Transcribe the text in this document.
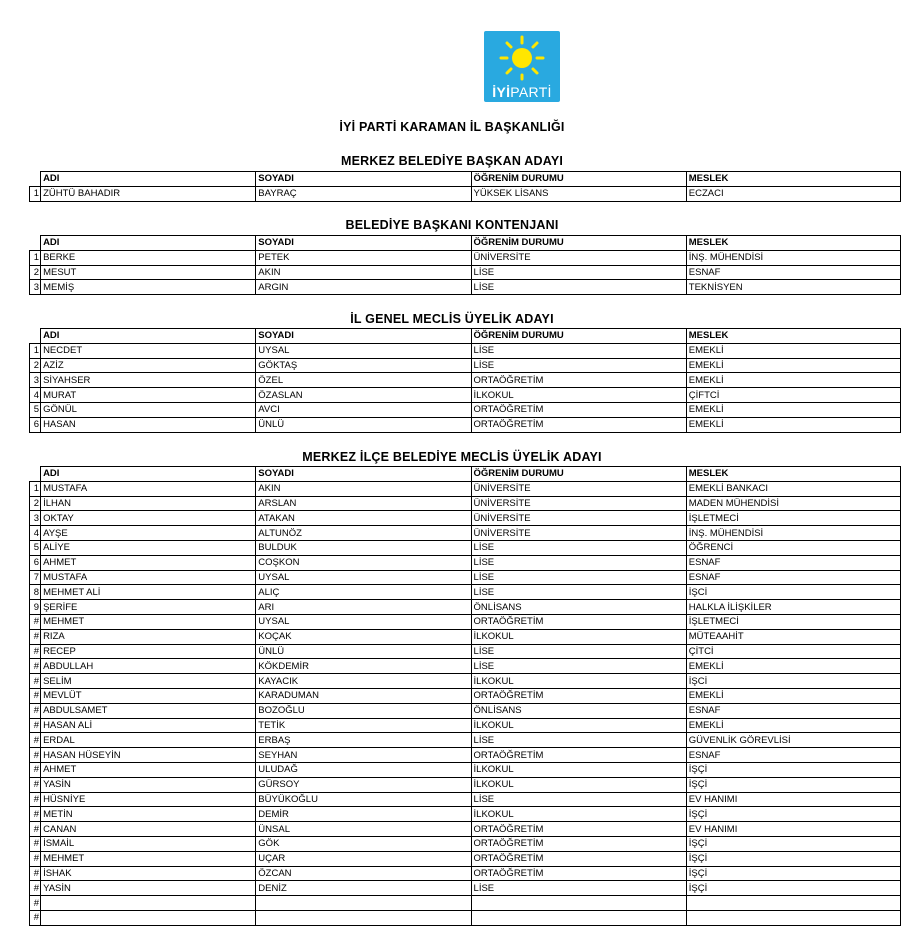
İYİPARTİ
İYİ PARTİ KARAMAN İL BAŞKANLIĞI
MERKEZ BELEDİYE BAŞKAN ADAYI
	ADI	SOYADI	ÖĞRENİM DURUMU	MESLEK
1	ZÜHTÜ BAHADIR	BAYRAÇ	YÜKSEK LİSANS	ECZACI
BELEDİYE BAŞKANI KONTENJANI
	ADI	SOYADI	ÖĞRENİM DURUMU	MESLEK
1	BERKE	PETEK	ÜNİVERSİTE	İNŞ. MÜHENDİSİ
2	MESUT	AKIN	LİSE	ESNAF
3	MEMİŞ	ARGIN	LİSE	TEKNİSYEN
İL GENEL MECLİS ÜYELİK ADAYI
	ADI	SOYADI	ÖĞRENİM DURUMU	MESLEK
1	NECDET	UYSAL	LİSE	EMEKLİ
2	AZİZ	GÖKTAŞ	LİSE	EMEKLİ
3	SİYAHSER	ÖZEL	ORTAÖĞRETİM	EMEKLİ
4	MURAT	ÖZASLAN	İLKOKUL	ÇİFTCİ
5	GÖNÜL	AVCI	ORTAÖĞRETİM	EMEKLİ
6	HASAN	ÜNLÜ	ORTAÖĞRETİM	EMEKLİ
MERKEZ İLÇE BELEDİYE MECLİS ÜYELİK ADAYI
	ADI	SOYADI	ÖĞRENİM DURUMU	MESLEK
1	MUSTAFA	AKIN	ÜNİVERSİTE	EMEKLİ BANKACI
2	İLHAN	ARSLAN	ÜNİVERSİTE	MADEN MÜHENDİSİ
3	OKTAY	ATAKAN	ÜNİVERSİTE	İŞLETMECİ
4	AYŞE	ALTUNÖZ	ÜNİVERSİTE	İNŞ. MÜHENDİSİ
5	ALİYE	BULDUK	LİSE	ÖĞRENCİ
6	AHMET	COŞKON	LİSE	ESNAF
7	MUSTAFA	UYSAL	LİSE	ESNAF
8	MEHMET ALİ	ALIÇ	LİSE	İŞCİ
9	ŞERİFE	ARI	ÖNLİSANS	HALKLA İLİŞKİLER
#	MEHMET	UYSAL	ORTAÖĞRETİM	İŞLETMECİ
#	RIZA	KOÇAK	İLKOKUL	MÜTEAAHİT
#	RECEP	ÜNLÜ	LİSE	ÇİTCİ
#	ABDULLAH	KÖKDEMİR	LİSE	EMEKLİ
#	SELİM	KAYACIK	İLKOKUL	İŞCİ
#	MEVLÜT	KARADUMAN	ORTAÖĞRETİM	EMEKLİ
#	ABDULSAMET	BOZOĞLU	ÖNLİSANS	ESNAF
#	HASAN ALİ	TETİK	İLKOKUL	EMEKLİ
#	ERDAL	ERBAŞ	LİSE	GÜVENLİK GÖREVLİSİ
#	HASAN HÜSEYİN	SEYHAN	ORTAÖĞRETİM	ESNAF
#	AHMET	ULUDAĞ	İLKOKUL	İŞÇİ
#	YASİN	GÜRSOY	İLKOKUL	İŞÇİ
#	HÜSNİYE	BÜYÜKOĞLU	LİSE	EV HANIMI
#	METİN	DEMİR	İLKOKUL	İŞÇİ
#	CANAN	ÜNSAL	ORTAÖĞRETİM	EV HANIMI
#	İSMAİL	GÖK	ORTAÖĞRETİM	İŞÇİ
#	MEHMET	UÇAR	ORTAÖĞRETİM	İŞÇİ
#	İSHAK	ÖZCAN	ORTAÖĞRETİM	İŞÇİ
#	YASİN	DENİZ	LİSE	İŞÇİ
#				
#				
